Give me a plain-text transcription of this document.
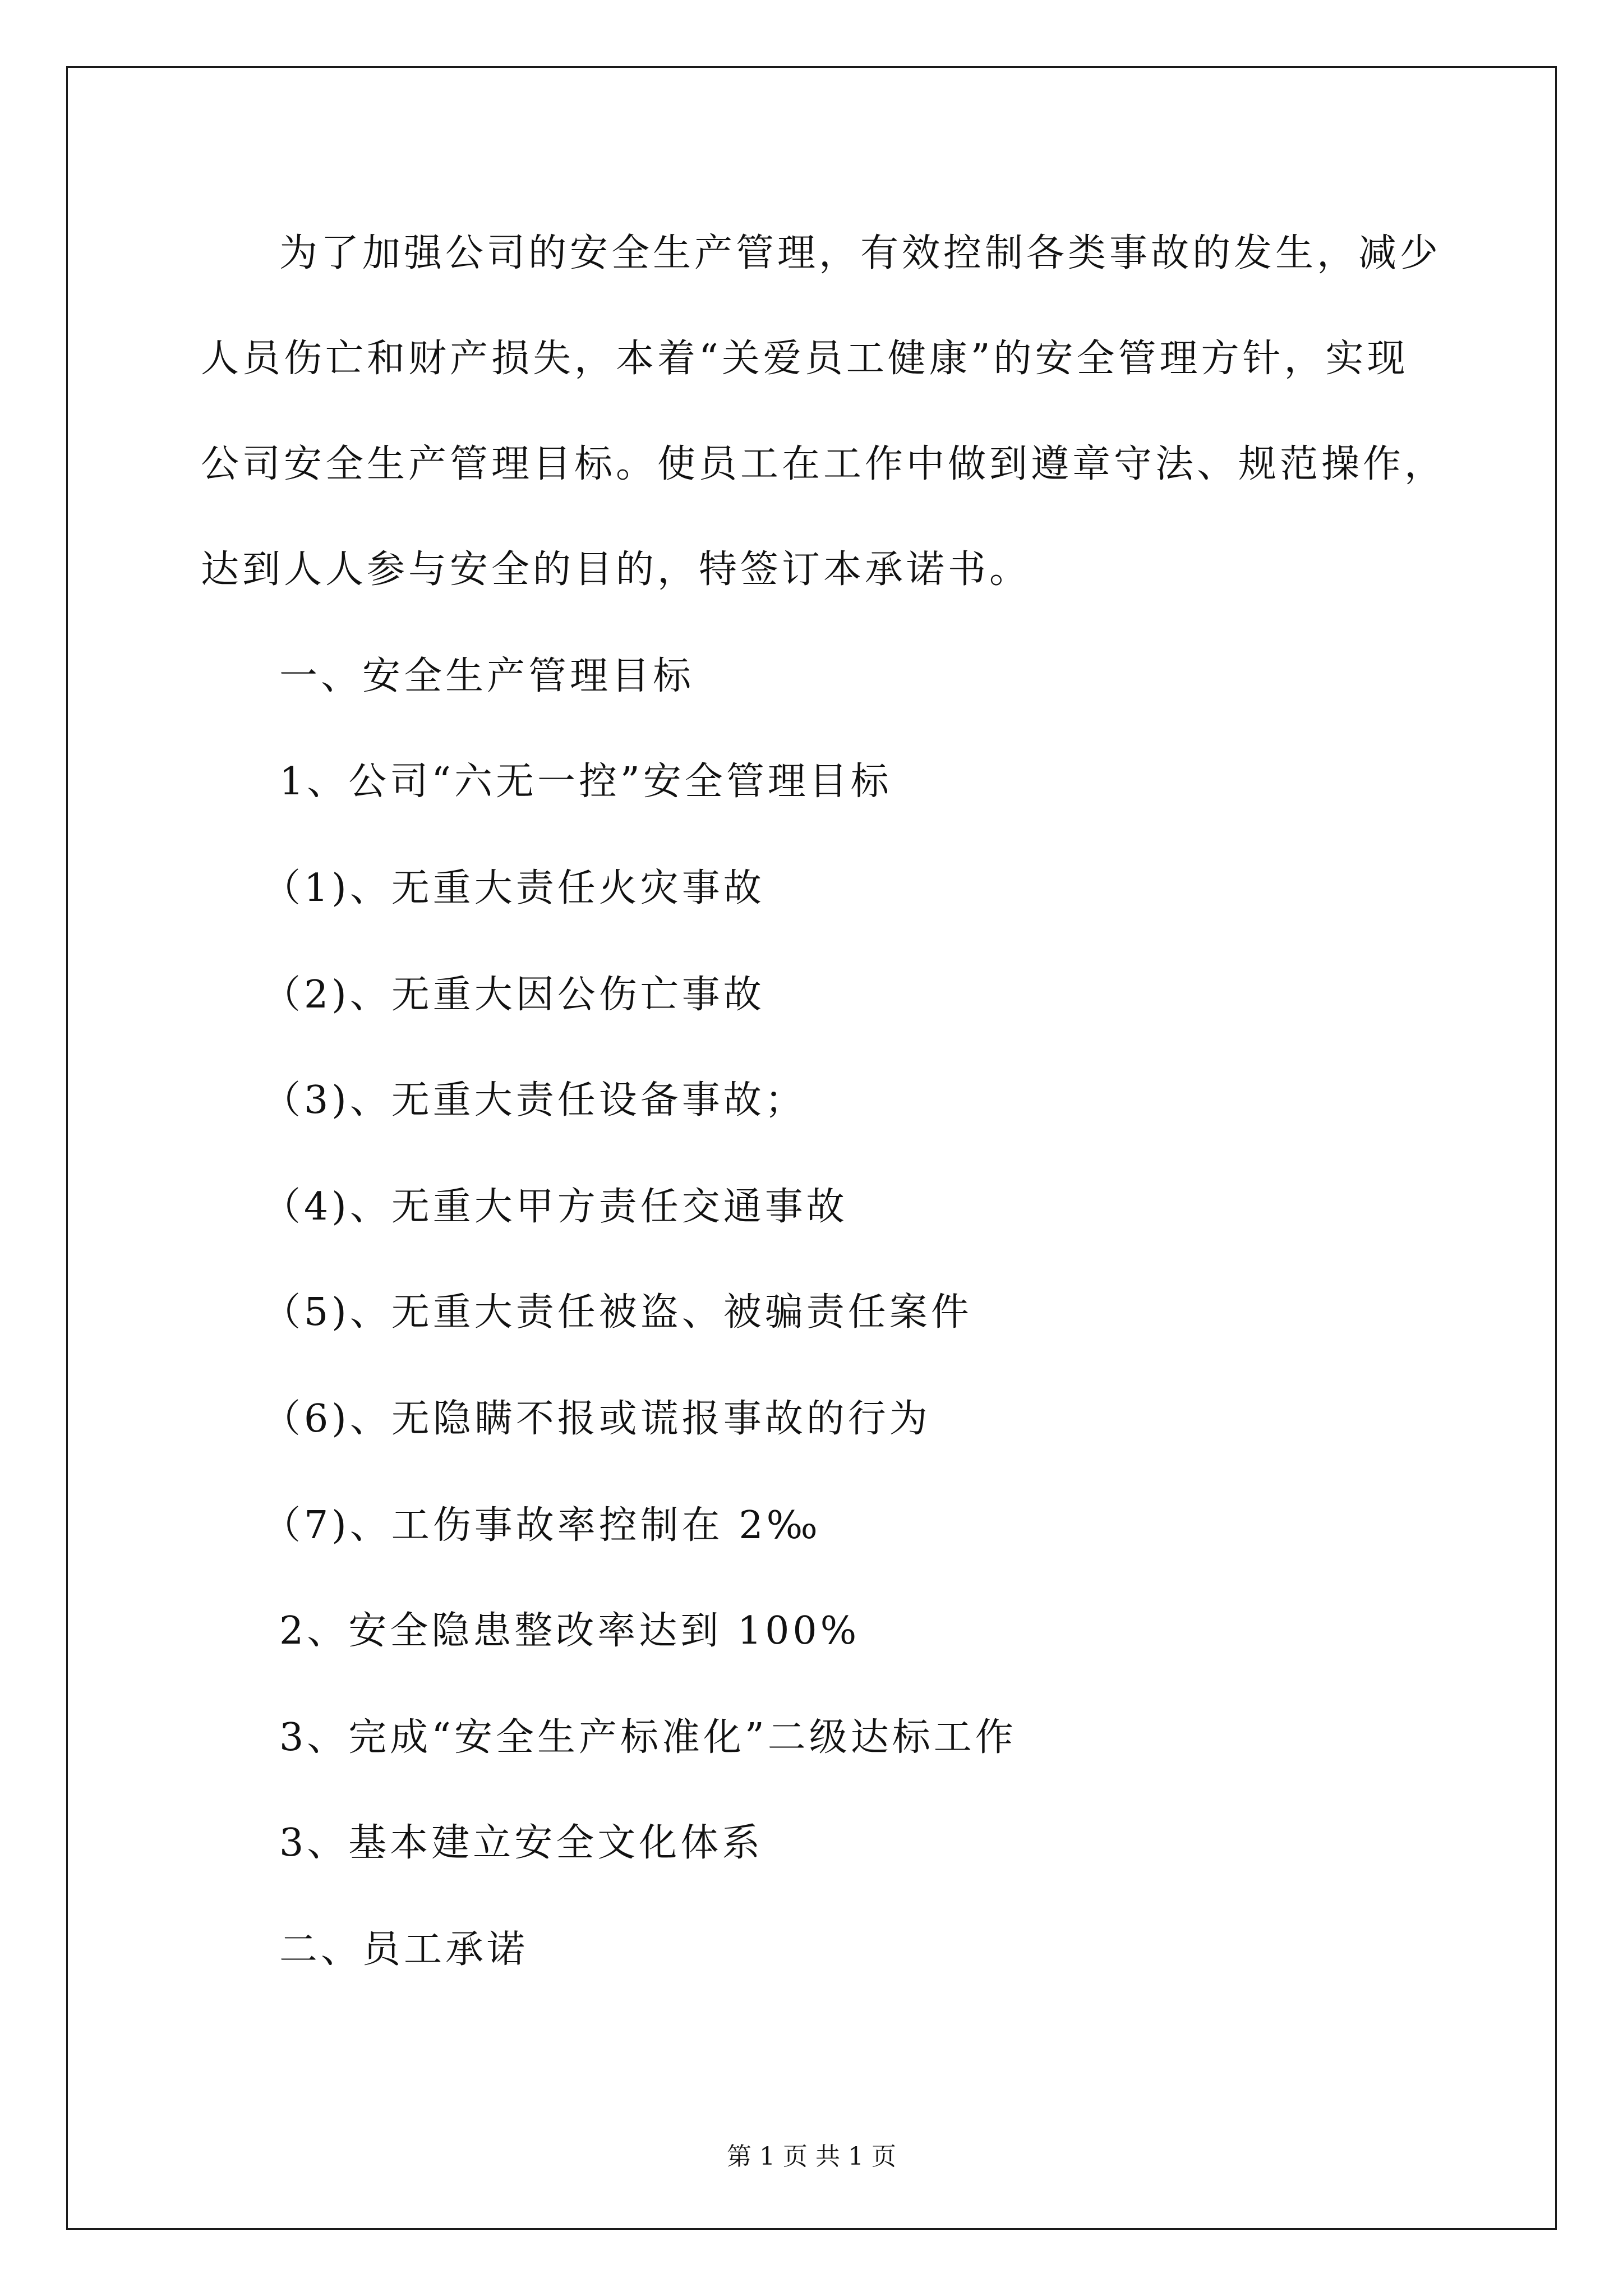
为了加强公司的安全生产管理，有效控制各类事故的发生，减少
人员伤亡和财产损失，本着“关爱员工健康”的安全管理方针，实现
公司安全生产管理目标。使员工在工作中做到遵章守法、规范操作，
达到人人参与安全的目的，特签订本承诺书。
一、安全生产管理目标
1、公司“六无一控”安全管理目标
（1)、无重大责任火灾事故
（2)、无重大因公伤亡事故
（3)、无重大责任设备事故；
（4)、无重大甲方责任交通事故
（5)、无重大责任被盗、被骗责任案件
（6)、无隐瞒不报或谎报事故的行为
（7)、工伤事故率控制在 2‰
2、安全隐患整改率达到 100%
3、完成“安全生产标准化”二级达标工作
3、基本建立安全文化体系
二、员工承诺
第 1 页 共 1 页
